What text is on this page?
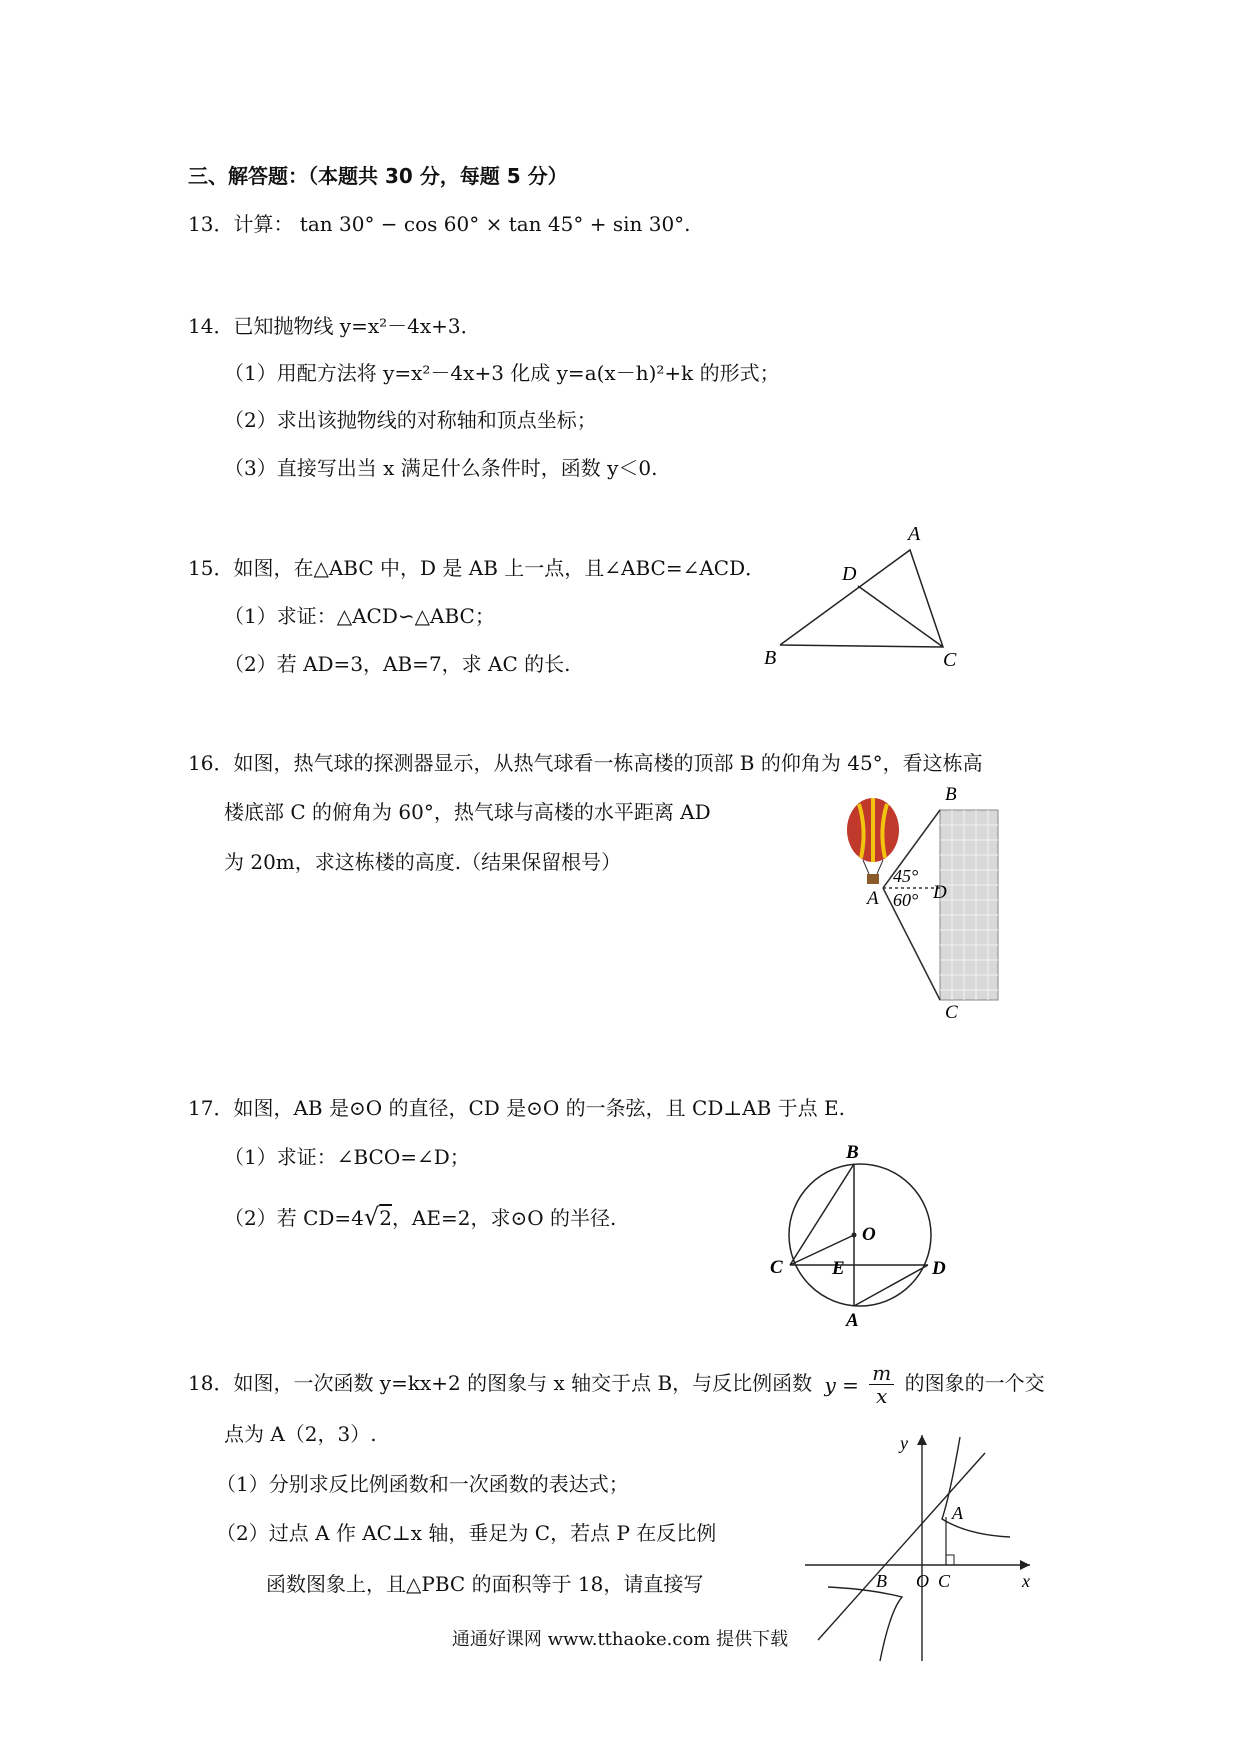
三、解答题：（本题共 30 分，每题 5 分）
13．计算： tan 30° − cos 60° × tan 45° + sin 30°.
14．已知抛物线 y=x²－4x+3．
（1）用配方法将 y=x²－4x+3 化成 y=a(x－h)²+k 的形式；
（2）求出该抛物线的对称轴和顶点坐标；
（3）直接写出当 x 满足什么条件时，函数 y＜0.
15．如图，在△ABC 中，D 是 AB 上一点，且∠ABC=∠ACD．
（1）求证：△ACD∽△ABC；
（2）若 AD=3，AB=7，求 AC 的长.
A
D
B	C
16．如图，热气球的探测器显示，从热气球看一栋高楼的顶部 B 的仰角为 45°，看这栋高
楼底部 C 的俯角为 60°，热气球与高楼的水平距离 AD
为 20m，求这栋楼的高度.（结果保留根号）
B
A	D
C
45°
60°
17．如图，AB 是⊙O 的直径，CD 是⊙O 的一条弦，且 CD⊥AB 于点 E.
（1）求证：∠BCO=∠D；
（2）若 CD=4√2，AE=2，求⊙O 的半径.
B
O
C	E	D
A
18．如图，一次函数 y=kx+2 的图象与 x 轴交于点 B，与反比例函数 $y = \frac{m}{x}$ 的图象的一个交
点为 A（2，3）.
（1）分别求反比例函数和一次函数的表达式；
（2）过点 A 作 AC⊥x 轴，垂足为 C，若点 P 在反比例
函数图象上，且△PBC 的面积等于 18，请直接写
A
B O C	x
y
通通好课网 www.tthaoke.com 提供下载
